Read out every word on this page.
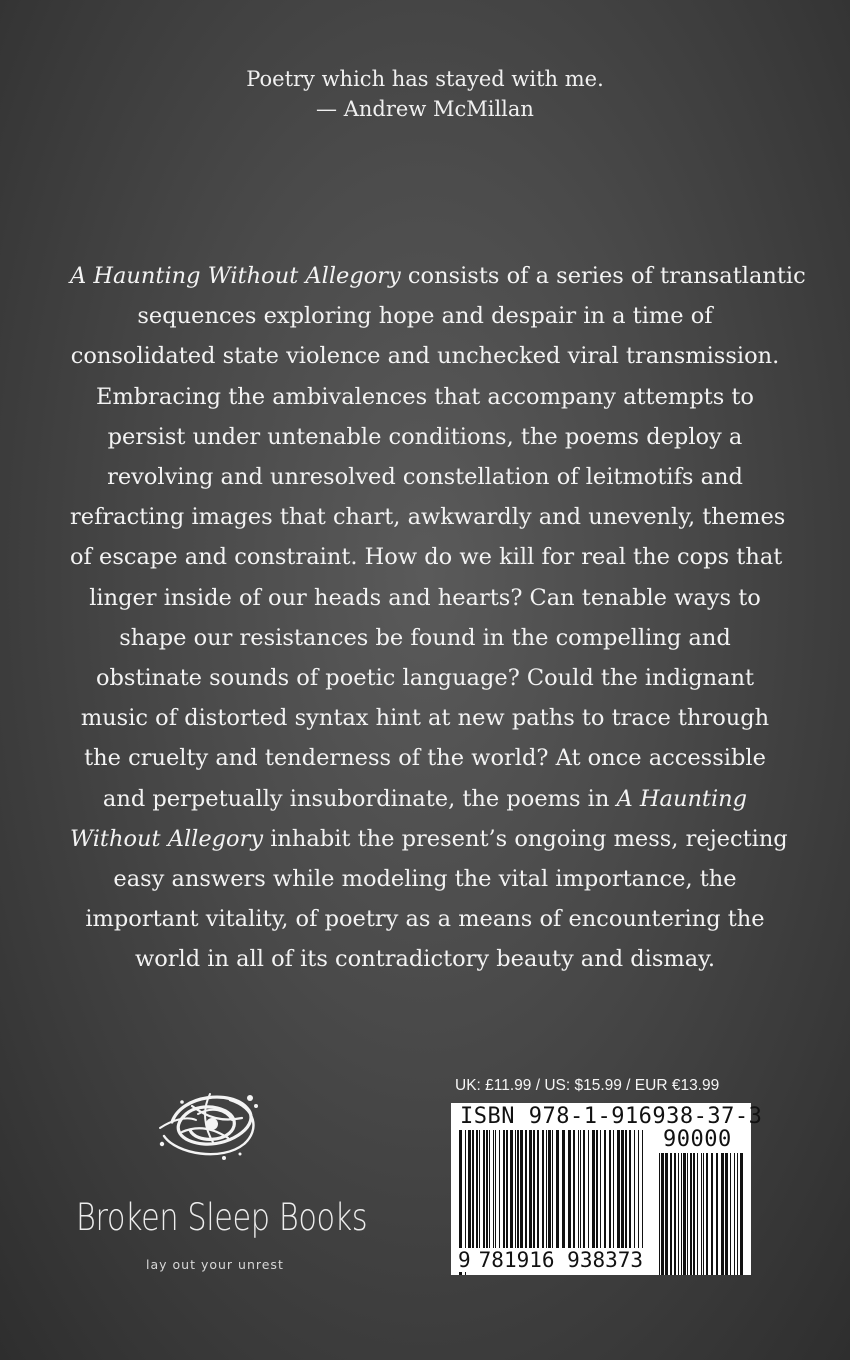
Poetry which has stayed with me.
— Andrew McMillan
A Haunting Without Allegory consists of a series of transatlantic
sequences exploring hope and despair in a time of
consolidated state violence and unchecked viral transmission.
Embracing the ambivalences that accompany attempts to
persist under untenable conditions, the poems deploy a
revolving and unresolved constellation of leitmotifs and
refracting images that chart, awkwardly and unevenly, themes
of escape and constraint. How do we kill for real the cops that
linger inside of our heads and hearts? Can tenable ways to
shape our resistances be found in the compelling and
obstinate sounds of poetic language? Could the indignant
music of distorted syntax hint at new paths to trace through
the cruelty and tenderness of the world? At once accessible
and perpetually insubordinate, the poems in A Haunting
Without Allegory inhabit the present’s ongoing mess, rejecting
easy answers while modeling the vital importance, the
important vitality, of poetry as a means of encountering the
world in all of its contradictory beauty and dismay.
Broken Sleep Books
lay out your unrest
UK: £11.99 / US: $15.99 / EUR €13.99
ISBN 978-1-916938-37-3
90000
9 781916 938373
